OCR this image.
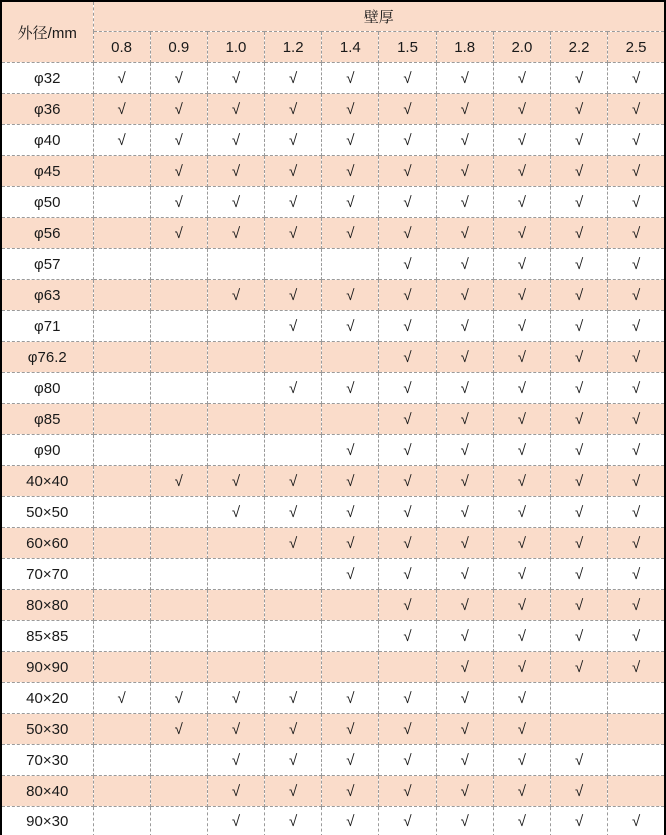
外径/mm	壁厚									
	0.8	0.9	1.0	1.2	1.4	1.5	1.8	2.0	2.2	2.5
φ32	√	√	√	√	√	√	√	√	√	√
φ36	√	√	√	√	√	√	√	√	√	√
φ40	√	√	√	√	√	√	√	√	√	√
φ45		√	√	√	√	√	√	√	√	√
φ50		√	√	√	√	√	√	√	√	√
φ56		√	√	√	√	√	√	√	√	√
φ57						√	√	√	√	√
φ63			√	√	√	√	√	√	√	√
φ71				√	√	√	√	√	√	√
φ76.2						√	√	√	√	√
φ80				√	√	√	√	√	√	√
φ85						√	√	√	√	√
φ90					√	√	√	√	√	√
40×40		√	√	√	√	√	√	√	√	√
50×50			√	√	√	√	√	√	√	√
60×60				√	√	√	√	√	√	√
70×70					√	√	√	√	√	√
80×80						√	√	√	√	√
85×85						√	√	√	√	√
90×90							√	√	√	√
40×20	√	√	√	√	√	√	√	√		
50×30		√	√	√	√	√	√	√		
70×30			√	√	√	√	√	√	√	
80×40			√	√	√	√	√	√	√	
90×30			√	√	√	√	√	√	√	√
